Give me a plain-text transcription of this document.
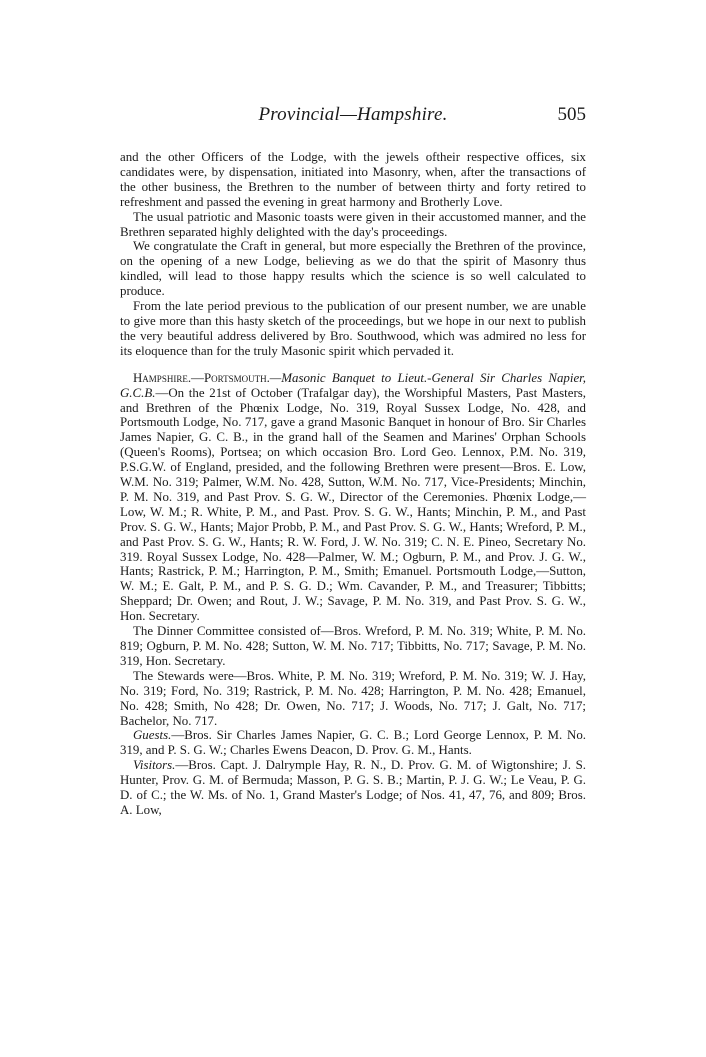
Provincial—Hampshire.	505

and the other Officers of the Lodge, with the jewels oftheir respective offices, six candidates were, by dispensation, initiated into Masonry, when, after the transactions of the other business, the Brethren to the number of between thirty and forty retired to refreshment and passed the evening in great harmony and Brotherly Love.

The usual patriotic and Masonic toasts were given in their accustomed manner, and the Brethren separated highly delighted with the day's proceedings.

We congratulate the Craft in general, but more especially the Brethren of the province, on the opening of a new Lodge, believing as we do that the spirit of Masonry thus kindled, will lead to those happy results which the science is so well calculated to produce.

From the late period previous to the publication of our present number, we are unable to give more than this hasty sketch of the proceedings, but we hope in our next to publish the very beautiful address delivered by Bro. Southwood, which was admired no less for its eloquence than for the truly Masonic spirit which pervaded it.

Hampshire.—Portsmouth.—Masonic Banquet to Lieut.-General Sir Charles Napier, G.C.B.—On the 21st of October (Trafalgar day), the Worshipful Masters, Past Masters, and Brethren of the Phœnix Lodge, No. 319, Royal Sussex Lodge, No. 428, and Portsmouth Lodge, No. 717, gave a grand Masonic Banquet in honour of Bro. Sir Charles James Napier, G. C. B., in the grand hall of the Seamen and Marines' Orphan Schools (Queen's Rooms), Portsea; on which occasion Bro. Lord Geo. Lennox, P.M. No. 319, P.S.G.W. of England, presided, and the following Brethren were present—Bros. E. Low, W.M. No. 319; Palmer, W.M. No. 428, Sutton, W.M. No. 717, Vice-Presidents; Minchin, P. M. No. 319, and Past Prov. S. G. W., Director of the Ceremonies. Phœnix Lodge,—Low, W. M.; R. White, P. M., and Past. Prov. S. G. W., Hants; Minchin, P. M., and Past Prov. S. G. W., Hants; Major Probb, P. M., and Past Prov. S. G. W., Hants; Wreford, P. M., and Past Prov. S. G. W., Hants; R. W. Ford, J. W. No. 319; C. N. E. Pineo, Secretary No. 319. Royal Sussex Lodge, No. 428—Palmer, W. M.; Ogburn, P. M., and Prov. J. G. W., Hants; Rastrick, P. M.; Harrington, P. M., Smith; Emanuel. Portsmouth Lodge,—Sutton, W. M.; E. Galt, P. M., and P. S. G. D.; Wm. Cavander, P. M., and Treasurer; Tibbitts; Sheppard; Dr. Owen; and Rout, J. W.; Savage, P. M. No. 319, and Past Prov. S. G. W., Hon. Secretary.

The Dinner Committee consisted of—Bros. Wreford, P. M. No. 319; White, P. M. No. 819; Ogburn, P. M. No. 428; Sutton, W. M. No. 717; Tibbitts, No. 717; Savage, P. M. No. 319, Hon. Secretary.

The Stewards were—Bros. White, P. M. No. 319; Wreford, P. M. No. 319; W. J. Hay, No. 319; Ford, No. 319; Rastrick, P. M. No. 428; Harrington, P. M. No. 428; Emanuel, No. 428; Smith, No 428; Dr. Owen, No. 717; J. Woods, No. 717; J. Galt, No. 717; Bachelor, No. 717.

Guests.—Bros. Sir Charles James Napier, G. C. B.; Lord George Lennox, P. M. No. 319, and P. S. G. W.; Charles Ewens Deacon, D. Prov. G. M., Hants.

Visitors.—Bros. Capt. J. Dalrymple Hay, R. N., D. Prov. G. M. of Wigtonshire; J. S. Hunter, Prov. G. M. of Bermuda; Masson, P. G. S. B.; Martin, P. J. G. W.; Le Veau, P. G. D. of C.; the W. Ms. of No. 1, Grand Master's Lodge; of Nos. 41, 47, 76, and 809; Bros. A. Low,
